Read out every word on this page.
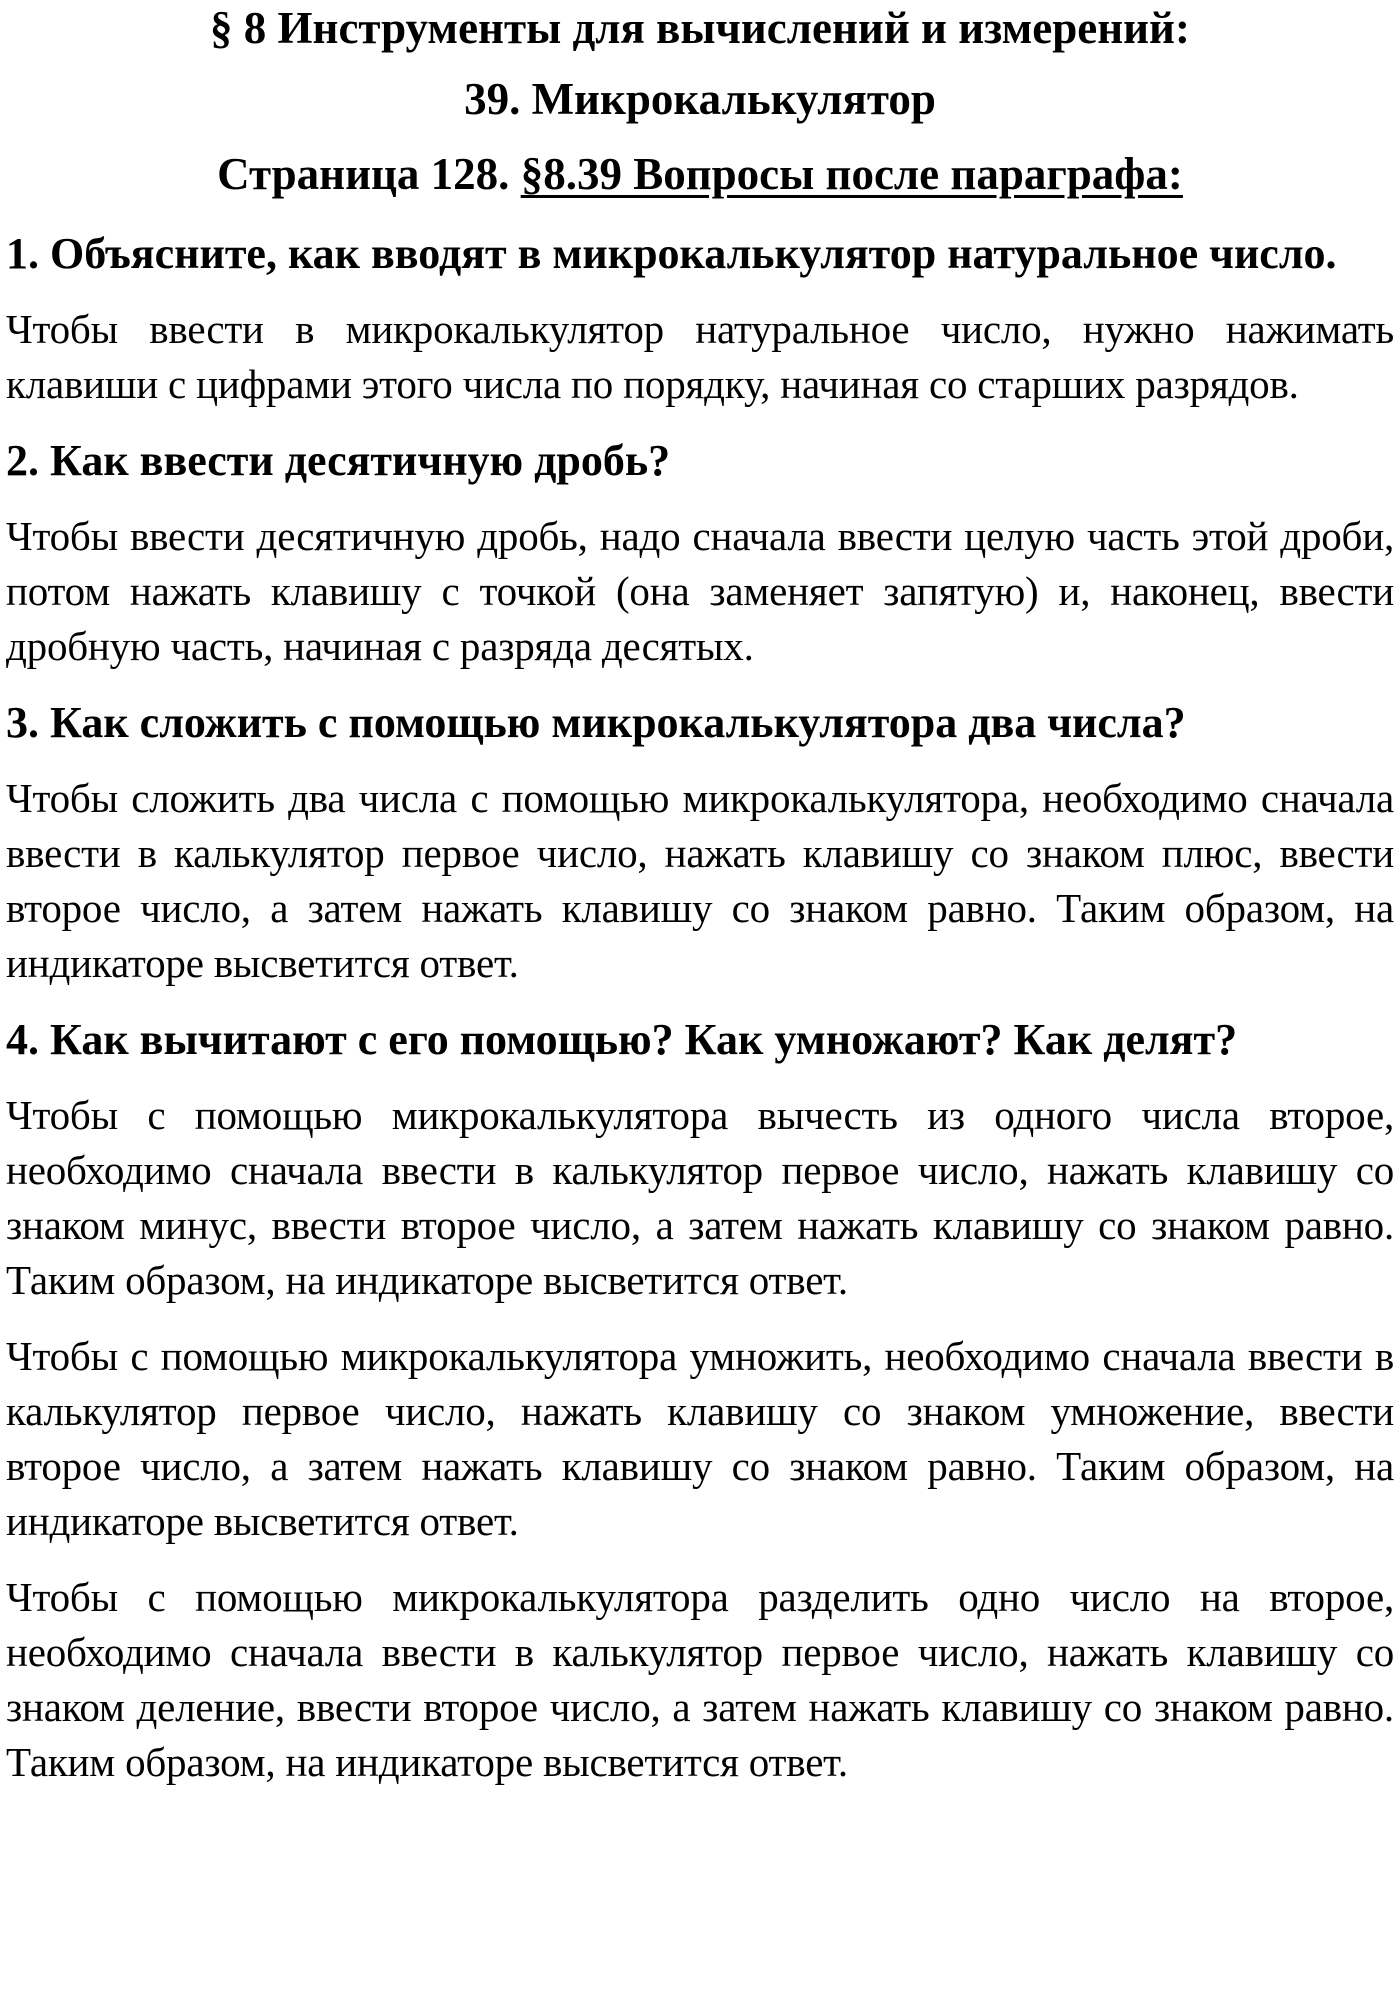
§ 8 Инструменты для вычислений и измерений:
39. Микрокалькулятор
Страница 128. §8.39 Вопросы после параграфа:
1. Объясните, как вводят в микрокалькулятор натуральное число.

Чтобы ввести в микрокалькулятор натуральное число, нужно нажимать клавиши с цифрами этого числа по порядку, начиная со старших разрядов.

2. Как ввести десятичную дробь?

Чтобы ввести десятичную дробь, надо сначала ввести целую часть этой дроби, потом нажать клавишу с точкой (она заменяет запятую) и, наконец, ввести дробную часть, начиная с разряда десятых.

3. Как сложить с помощью микрокалькулятора два числа?

Чтобы сложить два числа с помощью микрокалькулятора, необходимо сначала ввести в калькулятор первое число, нажать клавишу со знаком плюс, ввести второе число, а затем нажать клавишу со знаком равно. Таким образом, на индикаторе высветится ответ.

4. Как вычитают с его помощью? Как умножают? Как делят?

Чтобы с помощью микрокалькулятора вычесть из одного числа второе, необходимо сначала ввести в калькулятор первое число, нажать клавишу со знаком минус, ввести второе число, а затем нажать клавишу со знаком равно. Таким образом, на индикаторе высветится ответ.

Чтобы с помощью микрокалькулятора умножить, необходимо сначала ввести в калькулятор первое число, нажать клавишу со знаком умножение, ввести второе число, а затем нажать клавишу со знаком равно. Таким образом, на индикаторе высветится ответ.

Чтобы с помощью микрокалькулятора разделить одно число на второе, необходимо сначала ввести в калькулятор первое число, нажать клавишу со знаком деление, ввести второе число, а затем нажать клавишу со знаком равно. Таким образом, на индикаторе высветится ответ.
